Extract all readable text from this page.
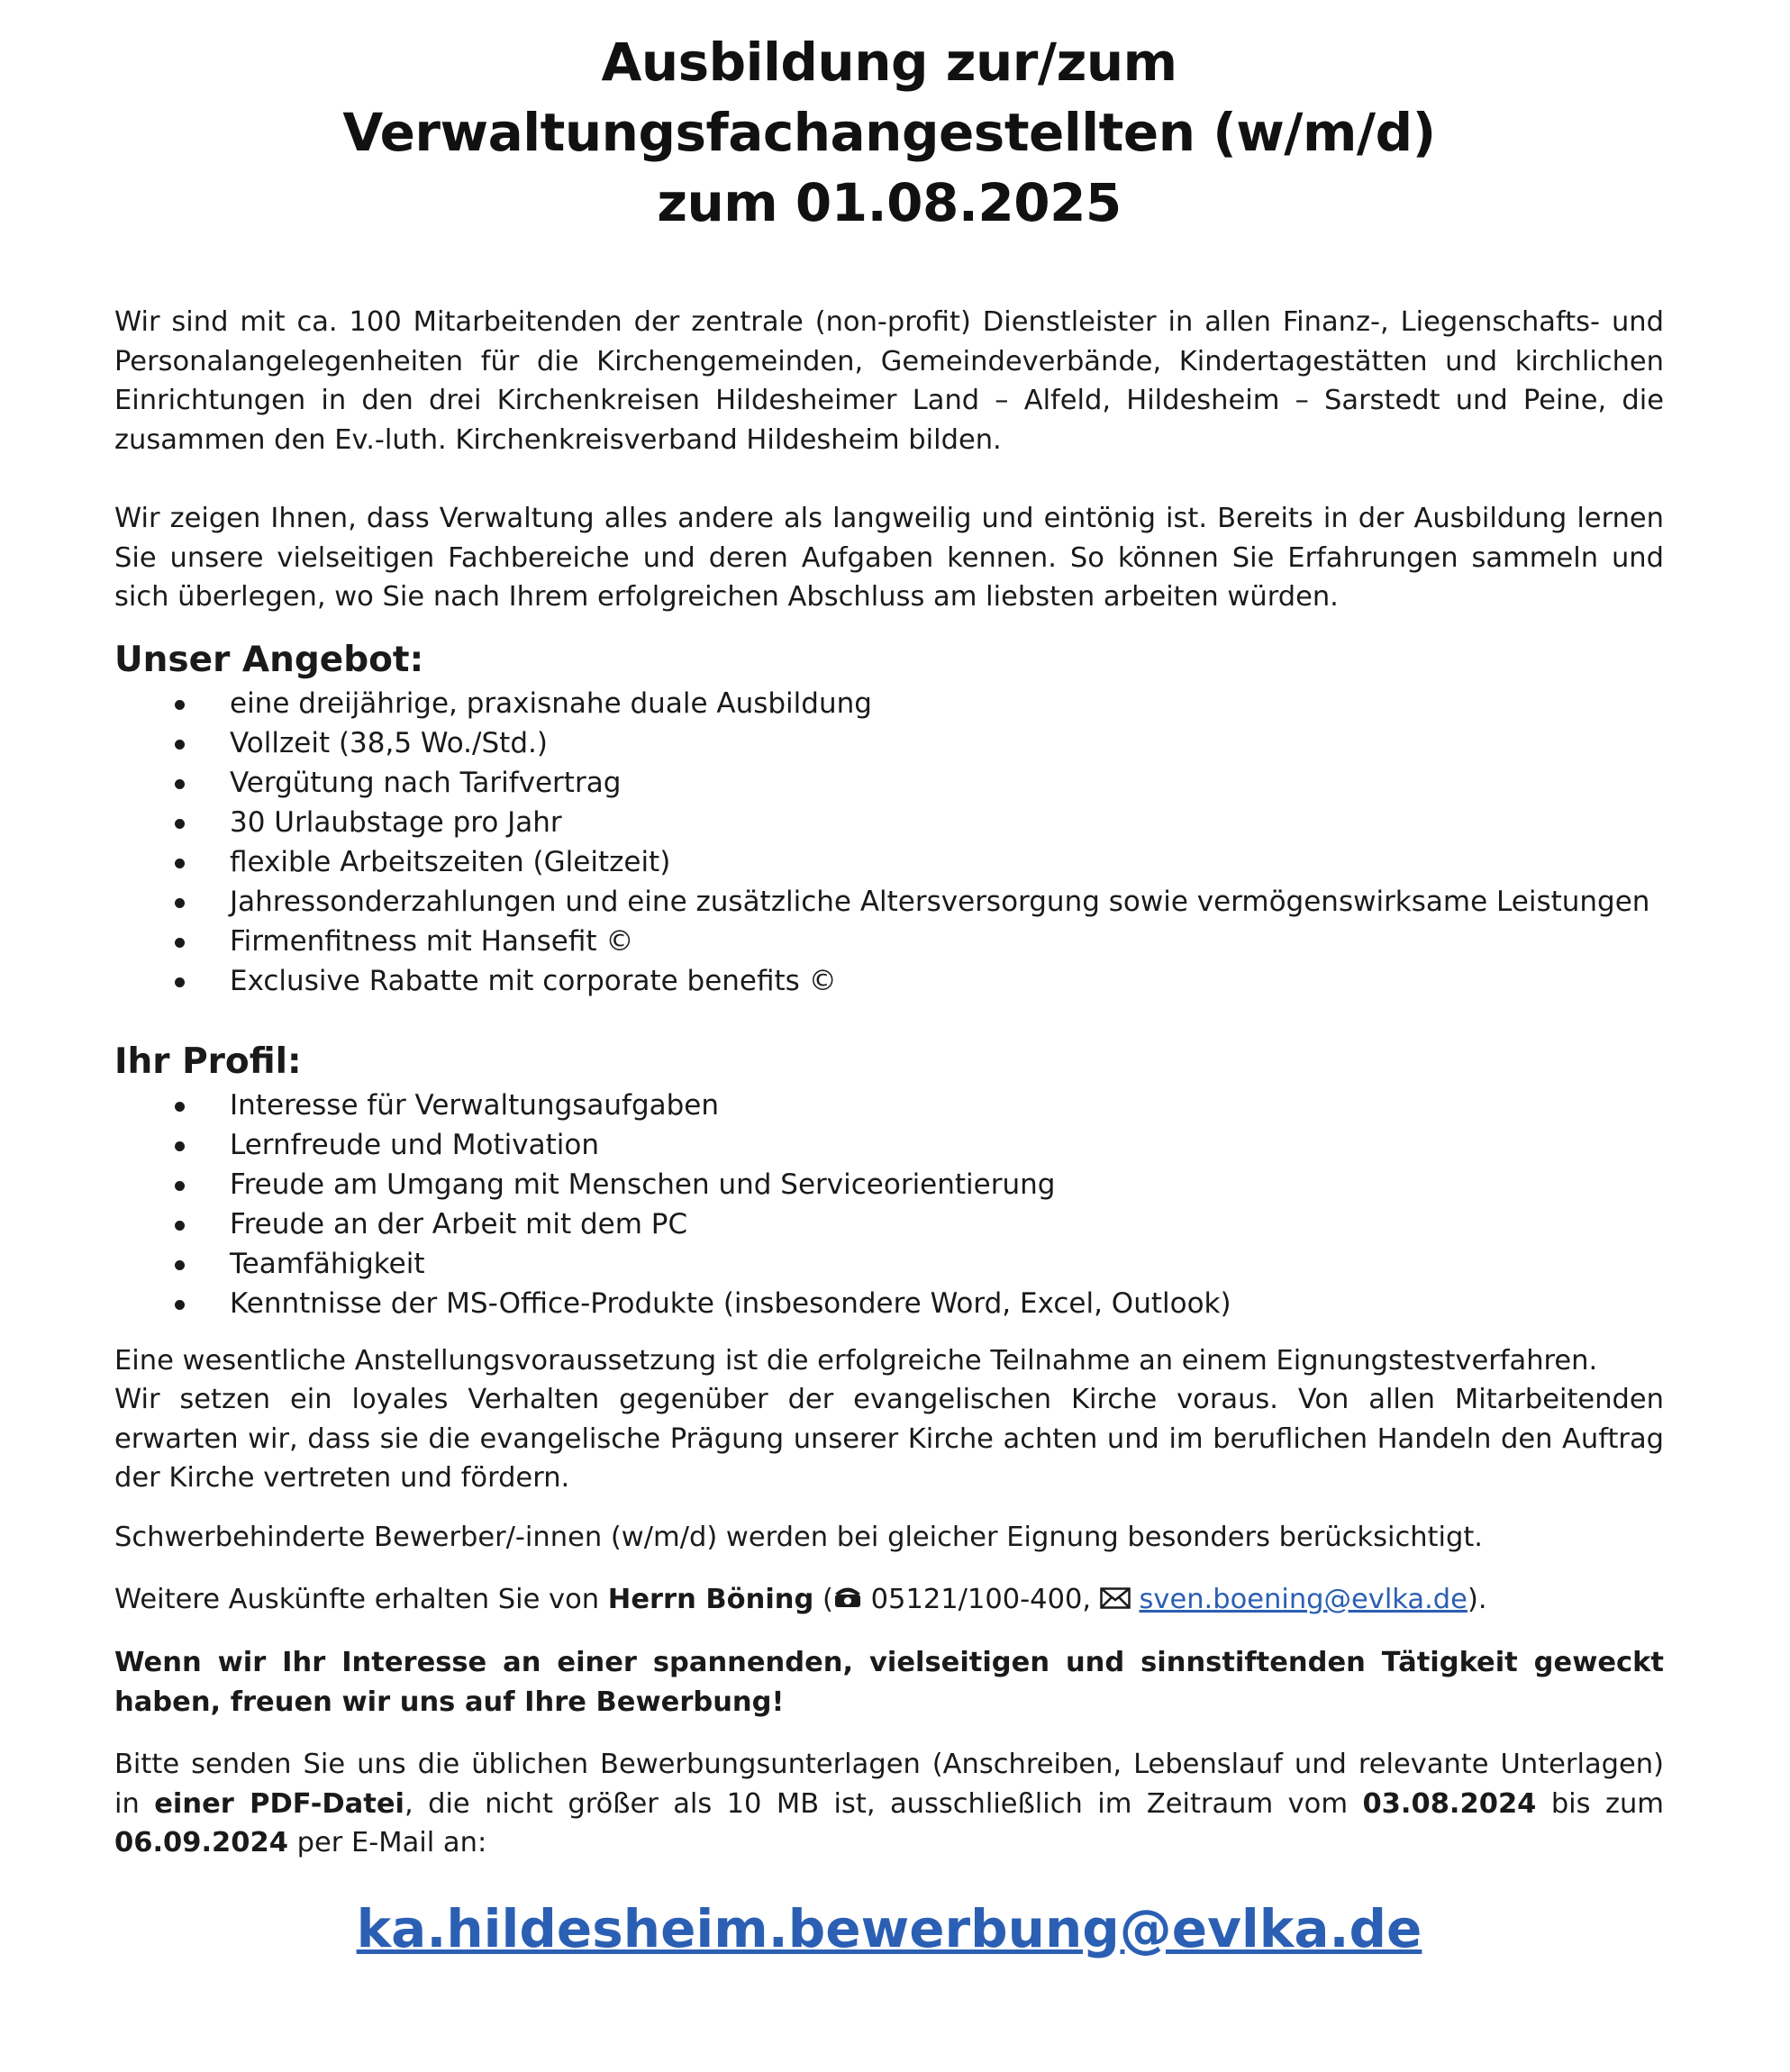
Ausbildung zur/zum
Verwaltungsfachangestellten (w/m/d)
zum 01.08.2025

Wir sind mit ca. 100 Mitarbeitenden der zentrale (non-profit) Dienstleister in allen Finanz-, Liegenschafts- und Personalangelegenheiten für die Kirchengemeinden, Gemeindeverbände, Kindertagestätten und kirchlichen Einrichtungen in den drei Kirchenkreisen Hildesheimer Land – Alfeld, Hildesheim – Sarstedt und Peine, die zusammen den Ev.-luth. Kirchenkreisverband Hildesheim bilden.

Wir zeigen Ihnen, dass Verwaltung alles andere als langweilig und eintönig ist. Bereits in der Ausbildung lernen Sie unsere vielseitigen Fachbereiche und deren Aufgaben kennen. So können Sie Erfahrungen sammeln und sich überlegen, wo Sie nach Ihrem erfolgreichen Abschluss am liebsten arbeiten würden.

Unser Angebot:
eine dreijährige, praxisnahe duale Ausbildung
Vollzeit (38,5 Wo./Std.)
Vergütung nach Tarifvertrag
30 Urlaubstage pro Jahr
flexible Arbeitszeiten (Gleitzeit)
Jahressonderzahlungen und eine zusätzliche Altersversorgung sowie vermögenswirksame Leistungen
Firmenfitness mit Hansefit ©
Exclusive Rabatte mit corporate benefits ©
Ihr Profil:
Interesse für Verwaltungsaufgaben
Lernfreude und Motivation
Freude am Umgang mit Menschen und Serviceorientierung
Freude an der Arbeit mit dem PC
Teamfähigkeit
Kenntnisse der MS-Office-Produkte (insbesondere Word, Excel, Outlook)

Eine wesentliche Anstellungsvoraussetzung ist die erfolgreiche Teilnahme an einem Eignungstestverfahren.

Wir setzen ein loyales Verhalten gegenüber der evangelischen Kirche voraus. Von allen Mitarbeitenden erwarten wir, dass sie die evangelische Prägung unserer Kirche achten und im beruflichen Handeln den Auftrag der Kirche vertreten und fördern.

Schwerbehinderte Bewerber/-innen (w/m/d) werden bei gleicher Eignung besonders berücksichtigt.

Weitere Auskünfte erhalten Sie von Herrn Böning ( 05121/100-400, sven.boening@evlka.de).

Wenn wir Ihr Interesse an einer spannenden, vielseitigen und sinnstiftenden Tätigkeit geweckt haben, freuen wir uns auf Ihre Bewerbung!

Bitte senden Sie uns die üblichen Bewerbungsunterlagen (Anschreiben, Lebenslauf und relevante Unterlagen) in einer PDF-Datei, die nicht größer als 10 MB ist, ausschließlich im Zeitraum vom 03.08.2024 bis zum 06.09.2024 per E-Mail an:

ka.hildesheim.bewerbung@evlka.de
